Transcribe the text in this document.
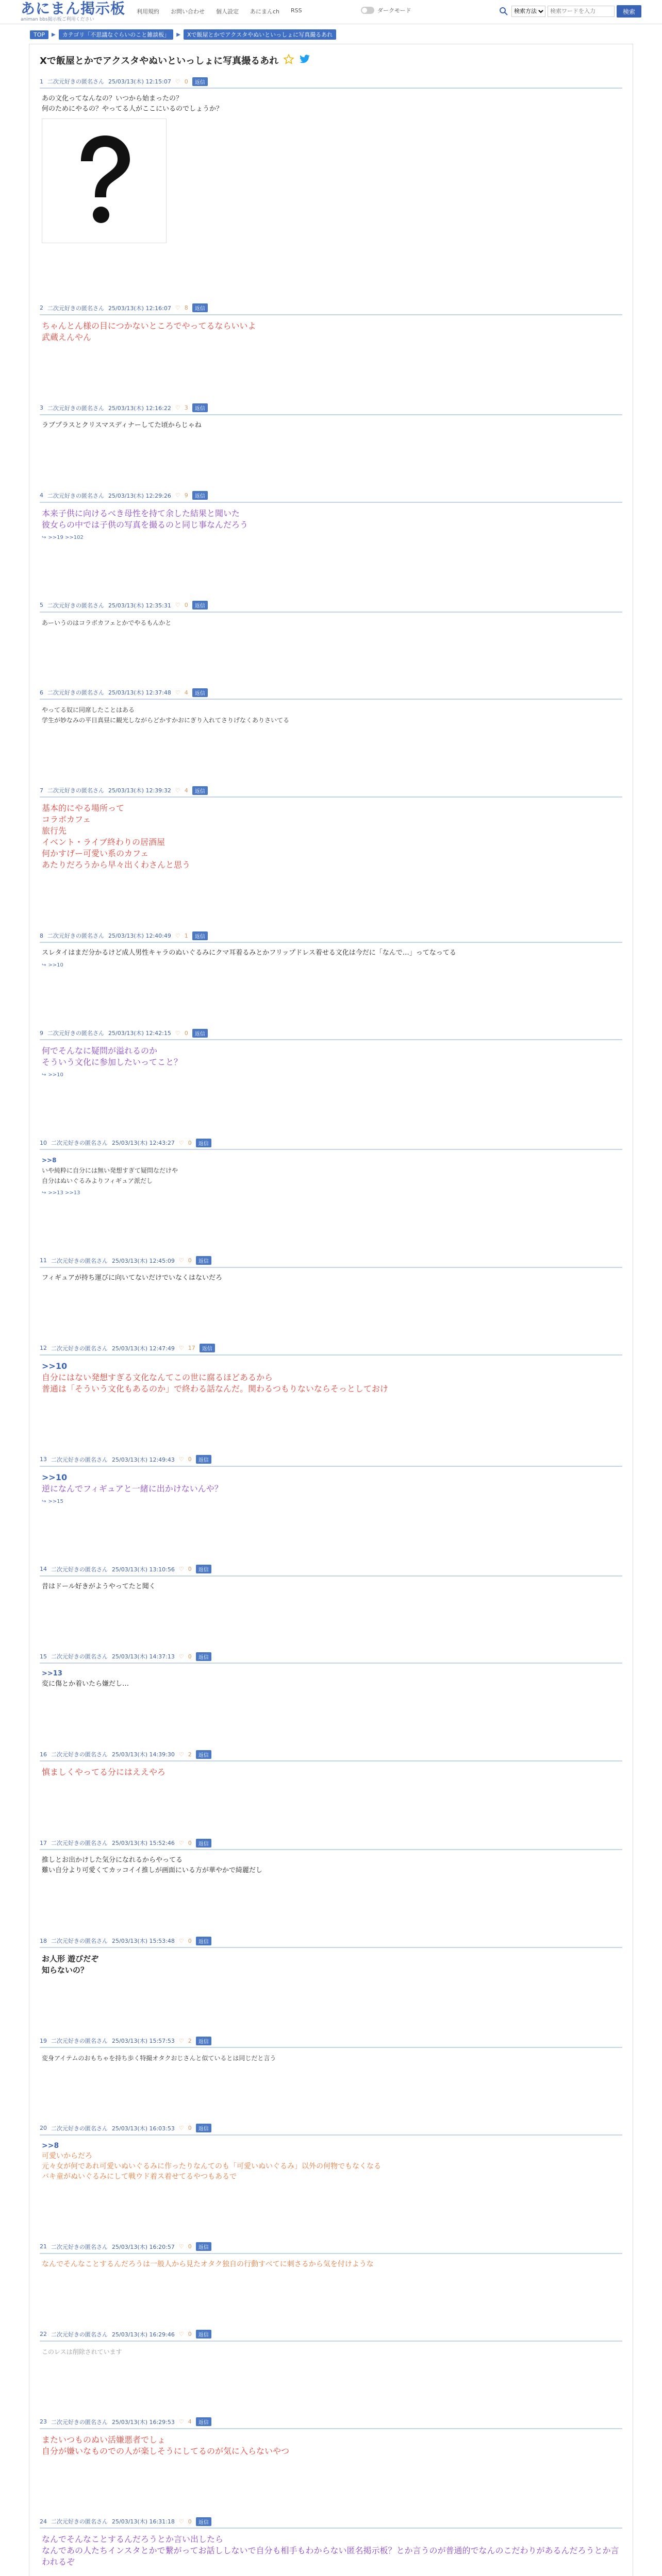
あにまん掲示板
animan bbs掲示板ご利用ください
利用規約 お問い合わせ 個人設定 あにまんch RSS	ダークモード
検索方法
検索ワードを入力	検索
TOP	▶	カテゴリ「不思議なぐらいのこと雑談板」	▶	Xで飯屋とかでアクスタやぬいといっしょに写真撮るあれ
Xで飯屋とかでアクスタやぬいといっしょに写真撮るあれ
1 二次元好きの匿名さん 25/03/13(木) 12:15:07 ♡ 0	返信
あの文化ってなんなの？いつから始まったの？
何のためにやるの？やってる人がここにいるのでしょうか？
2 二次元好きの匿名さん 25/03/13(木) 12:16:07 ♡ 8	返信
ちゃんとん様の目につかないところでやってるならいいよ
武蔵えんやん
3 二次元好きの匿名さん 25/03/13(木) 12:16:22 ♡ 3	返信
ラブプラスとクリスマスディナーしてた頃からじゃね
4 二次元好きの匿名さん 25/03/13(木) 12:29:26 ♡ 9	返信
本来子供に向けるべき母性を持て余した結果と聞いた
彼女らの中では子供の写真を撮るのと同じ事なんだろう
↪ >>19 >>102
5 二次元好きの匿名さん 25/03/13(木) 12:35:31 ♡ 0	返信
あーいうのはコラボカフェとかでやるもんかと
6 二次元好きの匿名さん 25/03/13(木) 12:37:48 ♡ 4	返信
やってる奴に同席したことはある
学生が妙なみの平日真昼に観光しながらどかすかおにぎり入れてさりげなくありさいてる
7 二次元好きの匿名さん 25/03/13(木) 12:39:32 ♡ 4	返信
基本的にやる場所って
コラボカフェ
旅行先
イベント・ライブ終わりの居酒屋
何かすげー可愛い系のカフェ
あたりだろうから早々出くわさんと思う
8 二次元好きの匿名さん 25/03/13(木) 12:40:49 ♡ 1	返信
スレタイはまだ分かるけど成人男性キャラのぬいぐるみにクマ耳着るみとかフリップドレス着せる文化は今だに「なんで…」ってなってる
↪ >>10
9 二次元好きの匿名さん 25/03/13(木) 12:42:15 ♡ 0	返信
何でそんなに疑問が溢れるのか
そういう文化に参加したいってこと？
↪ >>10
10 二次元好きの匿名さん 25/03/13(木) 12:43:27 ♡ 0	返信
>>8
いや純粋に自分には無い発想すぎて疑問なだけや
自分はぬいぐるみよりフィギュア派だし
↪ >>13 >>13
11 二次元好きの匿名さん 25/03/13(木) 12:45:09 ♡ 0	返信
フィギュアが持ち運びに向いてないだけでいなくはないだろ
12 二次元好きの匿名さん 25/03/13(木) 12:47:49 ♡ 17	返信
>>10
自分にはない発想すぎる文化なんてこの世に腐るほどあるから
普通は「そういう文化もあるのか」で終わる話なんだ。関わるつもりないならそっとしておけ
13 二次元好きの匿名さん 25/03/13(木) 12:49:43 ♡ 0	返信
>>10
逆になんでフィギュアと一緒に出かけないんや？
↪ >>15
14 二次元好きの匿名さん 25/03/13(木) 13:10:56 ♡ 0	返信
昔はドール好きがようやってたと聞く
15 二次元好きの匿名さん 25/03/13(木) 14:37:13 ♡ 0	返信
>>13
変に傷とか着いたら嫌だし…
16 二次元好きの匿名さん 25/03/13(木) 14:39:30 ♡ 2	返信
慎ましくやってる分にはええやろ
17 二次元好きの匿名さん 25/03/13(木) 15:52:46 ♡ 0	返信
推しとお出かけした気分になれるからやってる
難い自分より可愛くてカッコイイ推しが画面にいる方が華やかで綺麗だし
18 二次元好きの匿名さん 25/03/13(木) 15:53:48 ♡ 0	返信
お人形 遊びだぞ
知らないの？
19 二次元好きの匿名さん 25/03/13(木) 15:57:53 ♡ 2	返信
変身アイテムのおもちゃを持ち歩く特撮オタクおじさんと似ているとは同じだと言う
20 二次元好きの匿名さん 25/03/13(木) 16:03:53 ♡ 0	返信
>>8
可愛いからだろ
元々女が何であれ可愛いぬいぐるみに作ったりなんてのも「可愛いぬいぐるみ」以外の何物でもなくなる
バキ童がぬいぐるみにして戦ウド着ス着せてるやつもあるで
21 二次元好きの匿名さん 25/03/13(木) 16:20:57 ♡ 0	返信
なんでそんなことするんだろうは一般人から見たオタク独自の行動すべてに刺さるから気を付けような
22 二次元好きの匿名さん 25/03/13(木) 16:29:46 ♡ 0	返信
このレスは削除されています
23 二次元好きの匿名さん 25/03/13(木) 16:29:53 ♡ 4	返信
またいつものぬい活嫌悪者でしょ
自分が嫌いなものでの人が楽しそうにしてるのが気に入らないやつ
24 二次元好きの匿名さん 25/03/13(木) 16:31:18 ♡ 0	返信
なんでそんなことするんだろうとか言い出したら
なんであの人たちインスタとかで繋がってお話ししないで自分も相手もわからない匿名掲示板？とか言うのが普通的でなんのこだわりがあるんだろうとか言われるぞ
